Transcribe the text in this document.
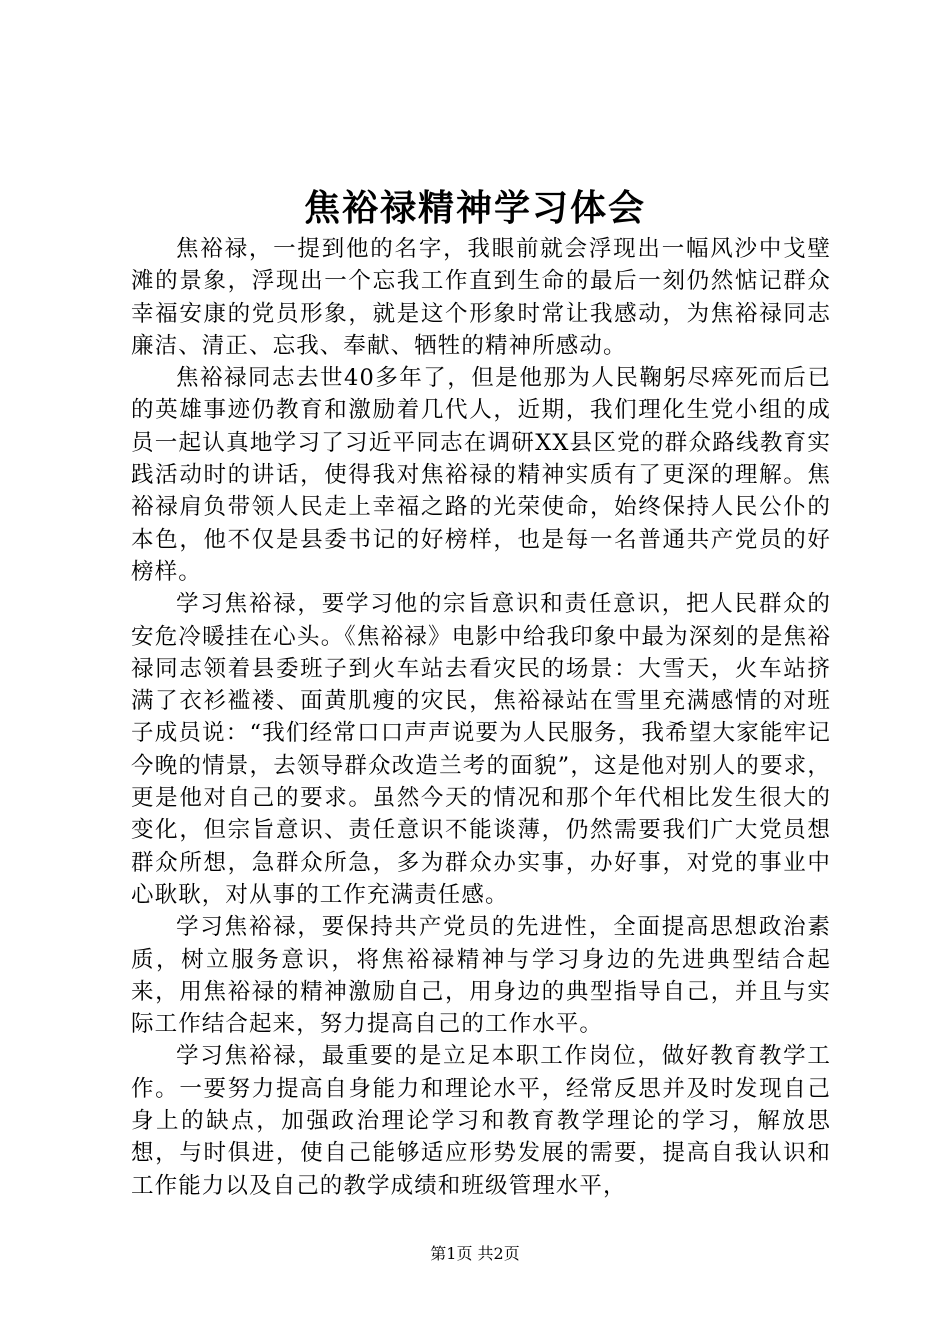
焦裕禄精神学习体会

焦裕禄，一提到他的名字，我眼前就会浮现出一幅风沙中戈壁滩的景象，浮现出一个忘我工作直到生命的最后一刻仍然惦记群众幸福安康的党员形象，就是这个形象时常让我感动，为焦裕禄同志廉洁、清正、忘我、奉献、牺牲的精神所感动。

焦裕禄同志去世40多年了，但是他那为人民鞠躬尽瘁死而后已的英雄事迹仍教育和激励着几代人，近期，我们理化生党小组的成员一起认真地学习了习近平同志在调研XX县区党的群众路线教育实践活动时的讲话，使得我对焦裕禄的精神实质有了更深的理解。焦裕禄肩负带领人民走上幸福之路的光荣使命，始终保持人民公仆的本色，他不仅是县委书记的好榜样，也是每一名普通共产党员的好榜样。

学习焦裕禄，要学习他的宗旨意识和责任意识，把人民群众的安危冷暖挂在心头。《焦裕禄》电影中给我印象中最为深刻的是焦裕禄同志领着县委班子到火车站去看灾民的场景：大雪天，火车站挤满了衣衫褴褛、面黄肌瘦的灾民，焦裕禄站在雪里充满感情的对班子成员说：“我们经常口口声声说要为人民服务，我希望大家能牢记今晚的情景，去领导群众改造兰考的面貌”，这是他对别人的要求，更是他对自己的要求。虽然今天的情况和那个年代相比发生很大的变化，但宗旨意识、责任意识不能谈薄，仍然需要我们广大党员想群众所想，急群众所急，多为群众办实事，办好事，对党的事业中心耿耿，对从事的工作充满责任感。

学习焦裕禄，要保持共产党员的先进性，全面提高思想政治素质，树立服务意识，将焦裕禄精神与学习身边的先进典型结合起来，用焦裕禄的精神激励自己，用身边的典型指导自己，并且与实际工作结合起来，努力提高自己的工作水平。

学习焦裕禄，最重要的是立足本职工作岗位，做好教育教学工作。一要努力提高自身能力和理论水平，经常反思并及时发现自己身上的缺点，加强政治理论学习和教育教学理论的学习，解放思想，与时俱进，使自己能够适应形势发展的需要，提高自我认识和工作能力以及自己的教学成绩和班级管理水平，

第1页 共2页
